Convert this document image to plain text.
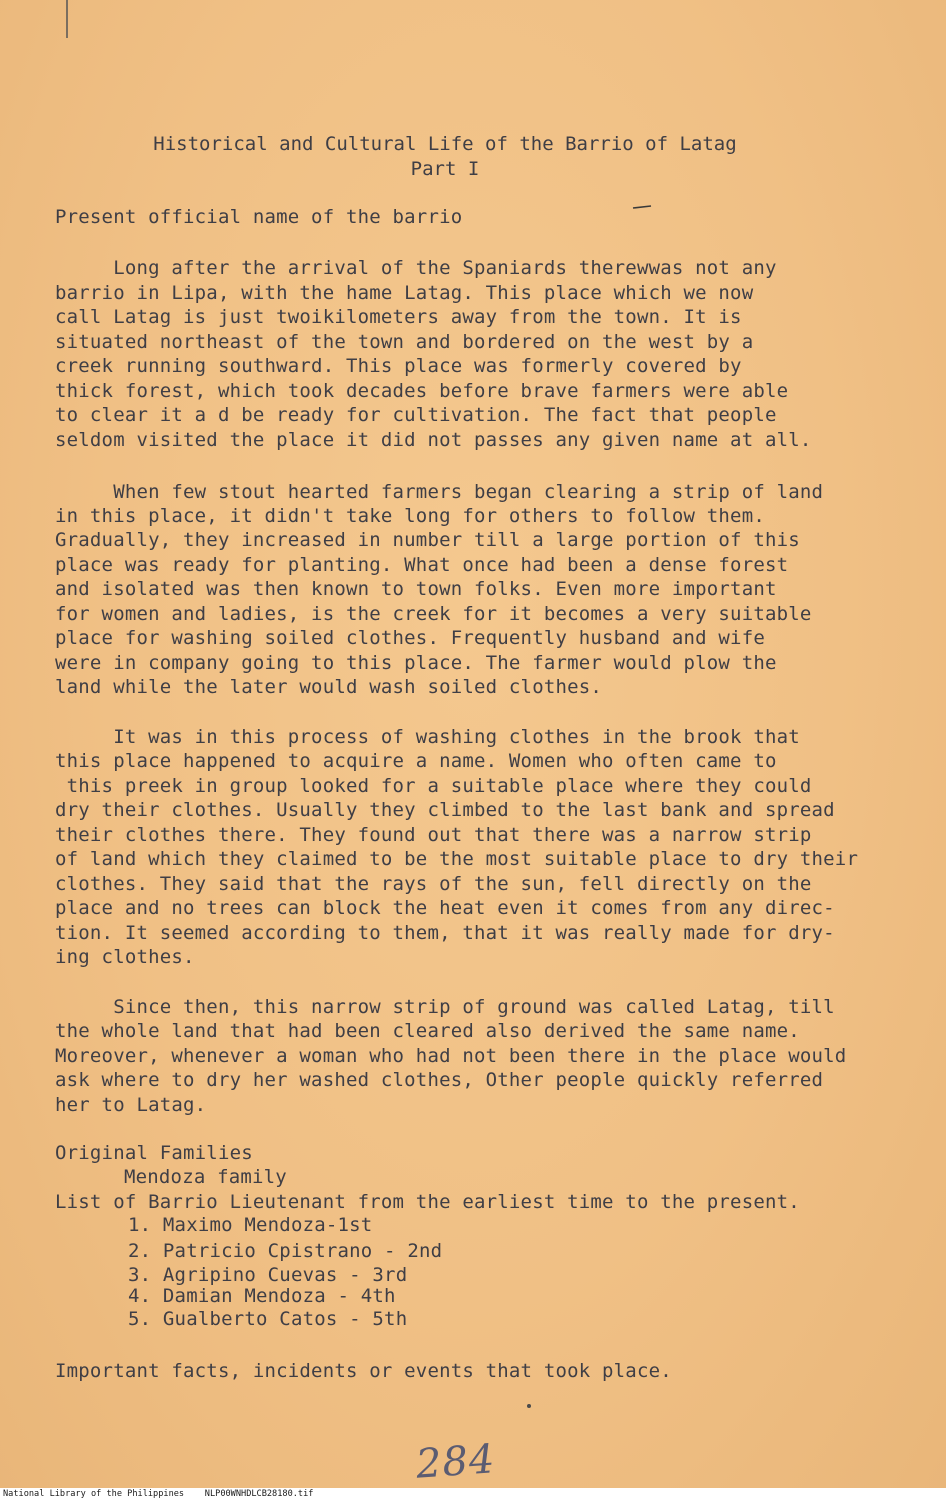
Historical and Cultural Life of the Barrio of Latag
Part I
Present official name of the barrio
Long after the arrival of the Spaniards therewwas not any
barrio in Lipa, with the hame Latag. This place which we now
call Latag is just twoikilometers away from the town. It is
situated northeast of the town and bordered on the west by a
creek running southward. This place was formerly covered by
thick forest, which took decades before brave farmers were able
to clear it a d be ready for cultivation. The fact that people
seldom visited the place it did not passes any given name at all.
When few stout hearted farmers began clearing a strip of land
in this place, it didn't take long for others to follow them.
Gradually, they increased in number till a large portion of this
place was ready for planting. What once had been a dense forest
and isolated was then known to town folks. Even more important
for women and ladies, is the creek for it becomes a very suitable
place for washing soiled clothes. Frequently husband and wife
were in company going to this place. The farmer would plow the
land while the later would wash soiled clothes.
It was in this process of washing clothes in the brook that
this place happened to acquire a name. Women who often came to
this preek in group looked for a suitable place where they could
dry their clothes. Usually they climbed to the last bank and spread
their clothes there. They found out that there was a narrow strip
of land which they claimed to be the most suitable place to dry their
clothes. They said that the rays of the sun, fell directly on the
place and no trees can block the heat even it comes from any direc-
tion. It seemed according to them, that it was really made for dry-
ing clothes.
Since then, this narrow strip of ground was called Latag, till
the whole land that had been cleared also derived the same name.
Moreover, whenever a woman who had not been there in the place would
ask where to dry her washed clothes, Other people quickly referred
her to Latag.
Original Families
Mendoza family
List of Barrio Lieutenant from the earliest time to the present.
1. Maximo Mendoza-1st
2. Patricio Cpistrano - 2nd
3. Agripino Cuevas - 3rd
4. Damian Mendoza - 4th
5. Gualberto Catos - 5th
Important facts, incidents or events that took place.
284
National Library of the Philippines NLP00WNHDLCB28180.tif
